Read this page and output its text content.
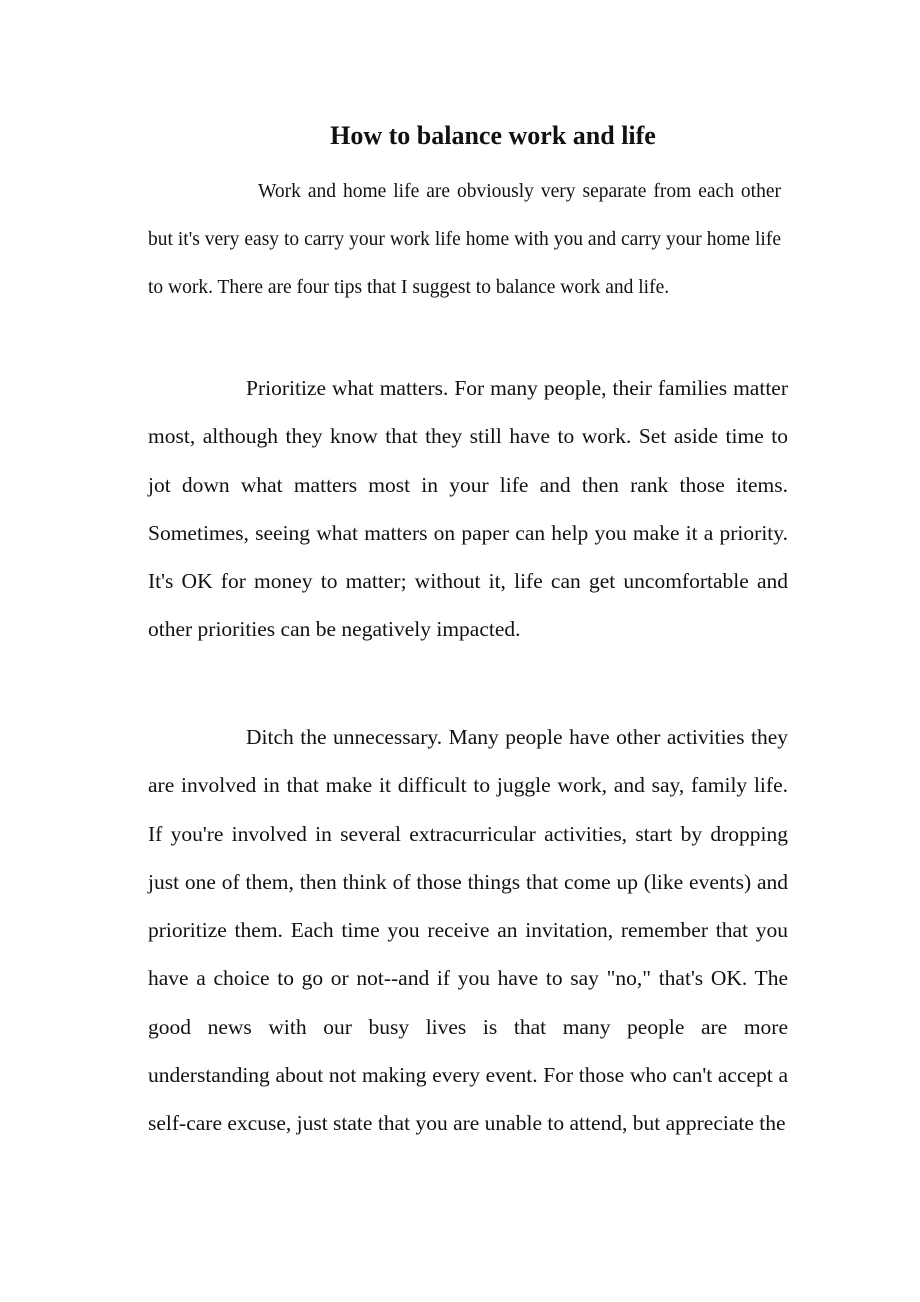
How to balance work and life

Work and home life are obviously very separate from each other but it's very easy to carry your work life home with you and carry your home life to work. There are four tips that I suggest to balance work and life.

Prioritize what matters. For many people, their families matter most, although they know that they still have to work. Set aside time to jot down what matters most in your life and then rank those items. Sometimes, seeing what matters on paper can help you make it a priority. It's OK for money to matter; without it, life can get uncomfortable and other priorities can be negatively impacted.

Ditch the unnecessary. Many people have other activities they are involved in that make it difficult to juggle work, and say, family life. If you're involved in several extracurricular activities, start by dropping just one of them, then think of those things that come up (like events) and prioritize them. Each time you receive an invitation, remember that you have a choice to go or not--and if you have to say "no," that's OK. The good news with our busy lives is that many people are more understanding about not making every event. For those who can't accept a self-care excuse, just state that you are unable to attend, but appreciate the
